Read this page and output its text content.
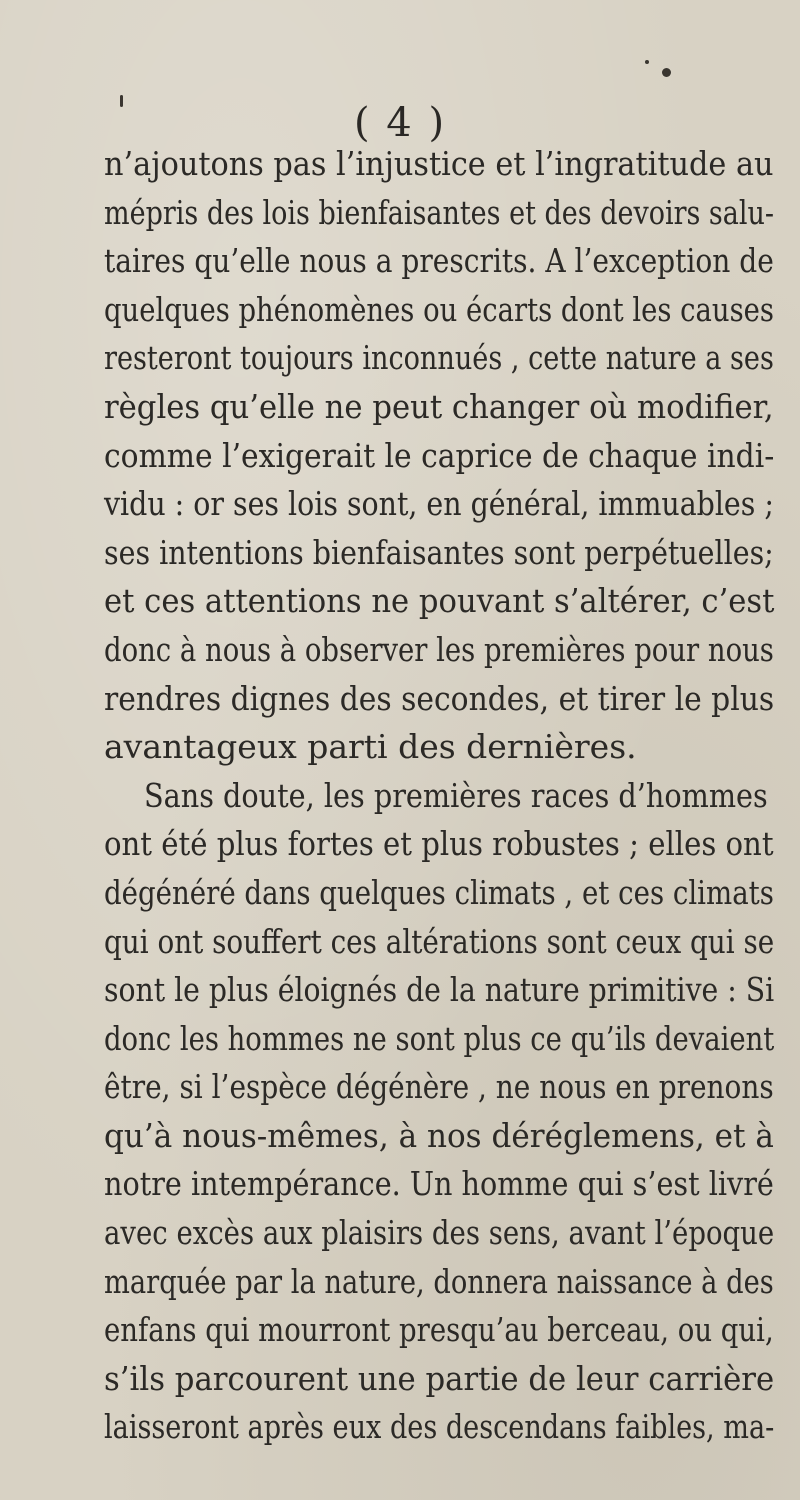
( 4 )
n’ajoutons pas l’injustice et l’ingratitude au
mépris des lois bienfaisantes et des devoirs salu-
taires qu’elle nous a prescrits. A l’exception de
quelques phénomènes ou écarts dont les causes
resteront toujours inconnués , cette nature a ses
règles qu’elle ne peut changer où modifier,
comme l’exigerait le caprice de chaque indi-
vidu : or ses lois sont, en général, immuables ;
ses intentions bienfaisantes sont perpétuelles;
et ces attentions ne pouvant s’altérer, c’est
donc à nous à observer les premières pour nous
rendres dignes des secondes, et tirer le plus
avantageux parti des dernières.
Sans doute, les premières races d’hommes
ont été plus fortes et plus robustes ; elles ont
dégénéré dans quelques climats , et ces climats
qui ont souffert ces altérations sont ceux qui se
sont le plus éloignés de la nature primitive : Si
donc les hommes ne sont plus ce qu’ils devaient
être, si l’espèce dégénère , ne nous en prenons
qu’à nous-mêmes, à nos déréglemens, et à
notre intempérance. Un homme qui s’est livré
avec excès aux plaisirs des sens, avant l’époque
marquée par la nature, donnera naissance à des
enfans qui mourront presqu’au berceau, ou qui,
s’ils parcourent une partie de leur carrière
laisseront après eux des descendans faibles, ma-
